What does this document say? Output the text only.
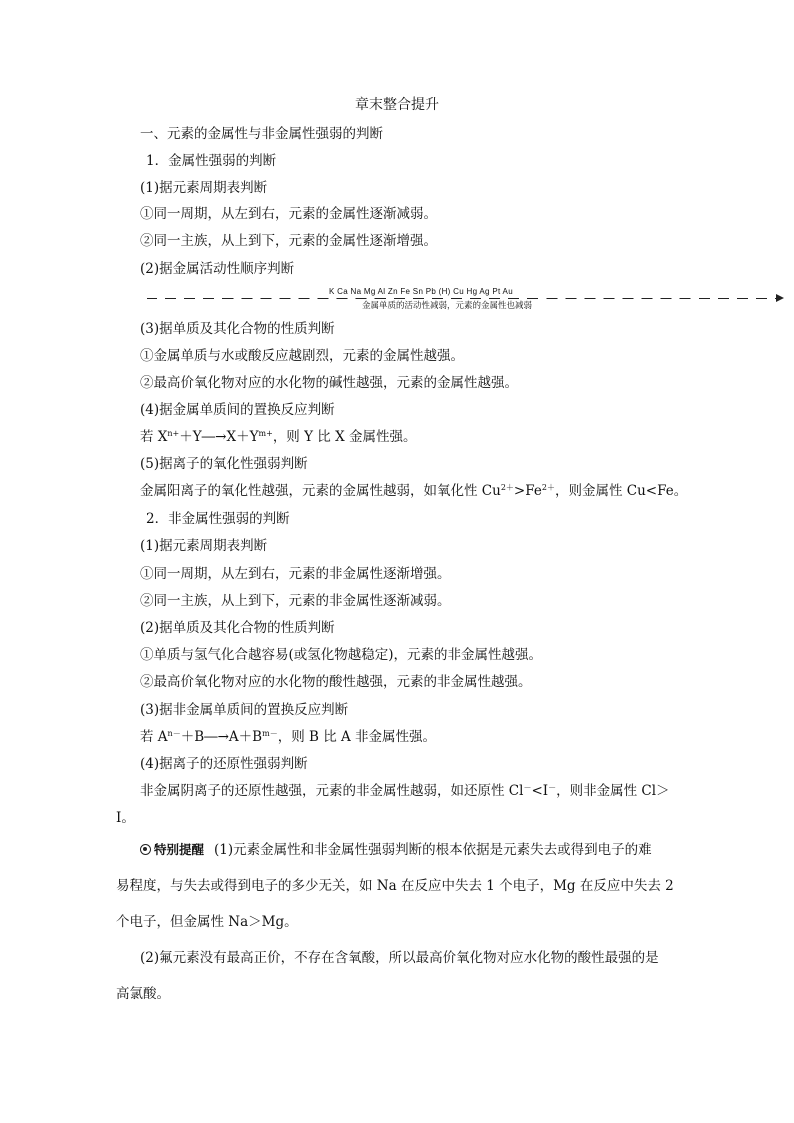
章末整合提升
一、元素的金属性与非金属性强弱的判断
1．金属性强弱的判断
(1)据元素周期表判断
①同一周期，从左到右，元素的金属性逐渐减弱。
②同一主族，从上到下，元素的金属性逐渐增强。
(2)据金属活动性顺序判断
K Ca Na Mg Al Zn Fe Sn Pb (H) Cu Hg Ag Pt Au
金属单质的活动性减弱，元素的金属性也减弱
(3)据单质及其化合物的性质判断
①金属单质与水或酸反应越剧烈，元素的金属性越强。
②最高价氧化物对应的水化物的碱性越强，元素的金属性越强。
(4)据金属单质间的置换反应判断
若 $X^{n+}+Y―\to X+Y^{m+}$，则 Y 比 X 金属性强。
(5)据离子的氧化性强弱判断
金属阳离子的氧化性越强，元素的金属性越弱，如氧化性 $Cu^{2+}>Fe^{2+}$，则金属性 Cu<Fe。
2．非金属性强弱的判断
(1)据元素周期表判断
①同一周期，从左到右，元素的非金属性逐渐增强。
②同一主族，从上到下，元素的非金属性逐渐减弱。
(2)据单质及其化合物的性质判断
①单质与氢气化合越容易(或氢化物越稳定)，元素的非金属性越强。
②最高价氧化物对应的水化物的酸性越强，元素的非金属性越强。
(3)据非金属单质间的置换反应判断
若 $A^{n-}+B―\to A+B^{m-}$，则 B 比 A 非金属性强。
(4)据离子的还原性强弱判断
非金属阴离子的还原性越强，元素的非金属性越弱，如还原性 Cl－<I－，则非金属性 Cl＞
I。
特别提醒 (1)元素金属性和非金属性强弱判断的根本依据是元素失去或得到电子的难
易程度，与失去或得到电子的多少无关，如 Na 在反应中失去 1 个电子，Mg 在反应中失去 2
个电子，但金属性 Na＞Mg。
(2)氟元素没有最高正价，不存在含氧酸，所以最高价氧化物对应水化物的酸性最强的是
高氯酸。
